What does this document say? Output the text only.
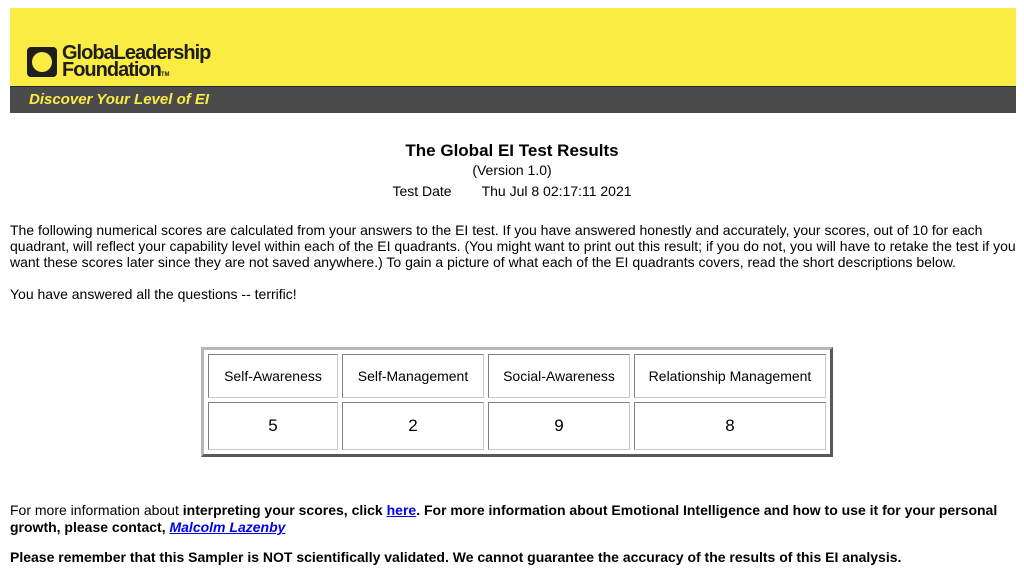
GlobaLeadership
FoundationTM
Discover Your Level of EI
The Global EI Test Results
(Version 1.0)
Test Date Thu Jul 8 02:17:11 2021

The following numerical scores are calculated from your answers to the EI test. If you have answered honestly and accurately, your scores, out of 10 for each quadrant, will reflect your capability level within each of the EI quadrants. (You might want to print out this result; if you do not, you will have to retake the test if you want these scores later since they are not saved anywhere.) To gain a picture of what each of the EI quadrants covers, read the short descriptions below.

You have answered all the questions -- terrific!

Self-Awareness	Self-Management	Social-Awareness	Relationship Management
5	2	9	8

For more information about interpreting your scores, click here. For more information about Emotional Intelligence and how to use it for your personal growth, please contact, Malcolm Lazenby

Please remember that this Sampler is NOT scientifically validated. We cannot guarantee the accuracy of the results of this EI analysis.
